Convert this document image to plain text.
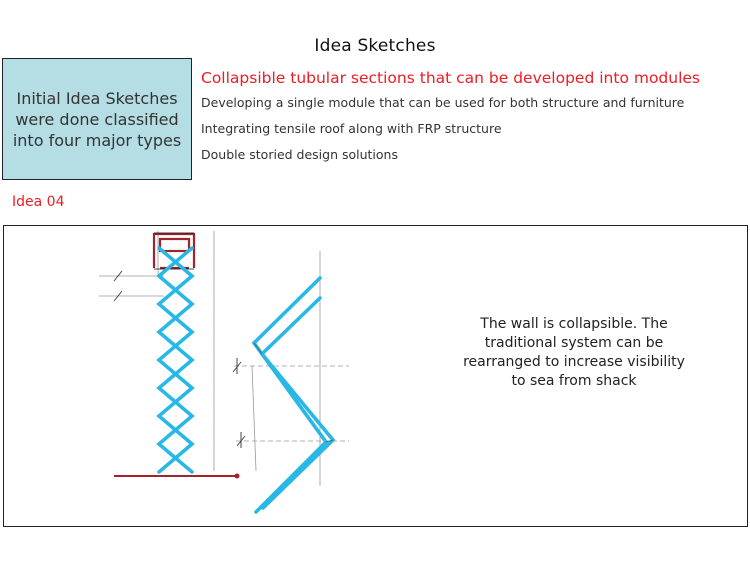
Idea Sketches
Initial Idea Sketches were done classified into four major types

Collapsible tubular sections that can be developed into modules

Developing a single module that can be used for both structure and furniture

Integrating tensile roof along with FRP structure

Double storied design solutions

Idea 04
The wall is collapsible. The traditional system can be rearranged to increase visibility to sea from shack
